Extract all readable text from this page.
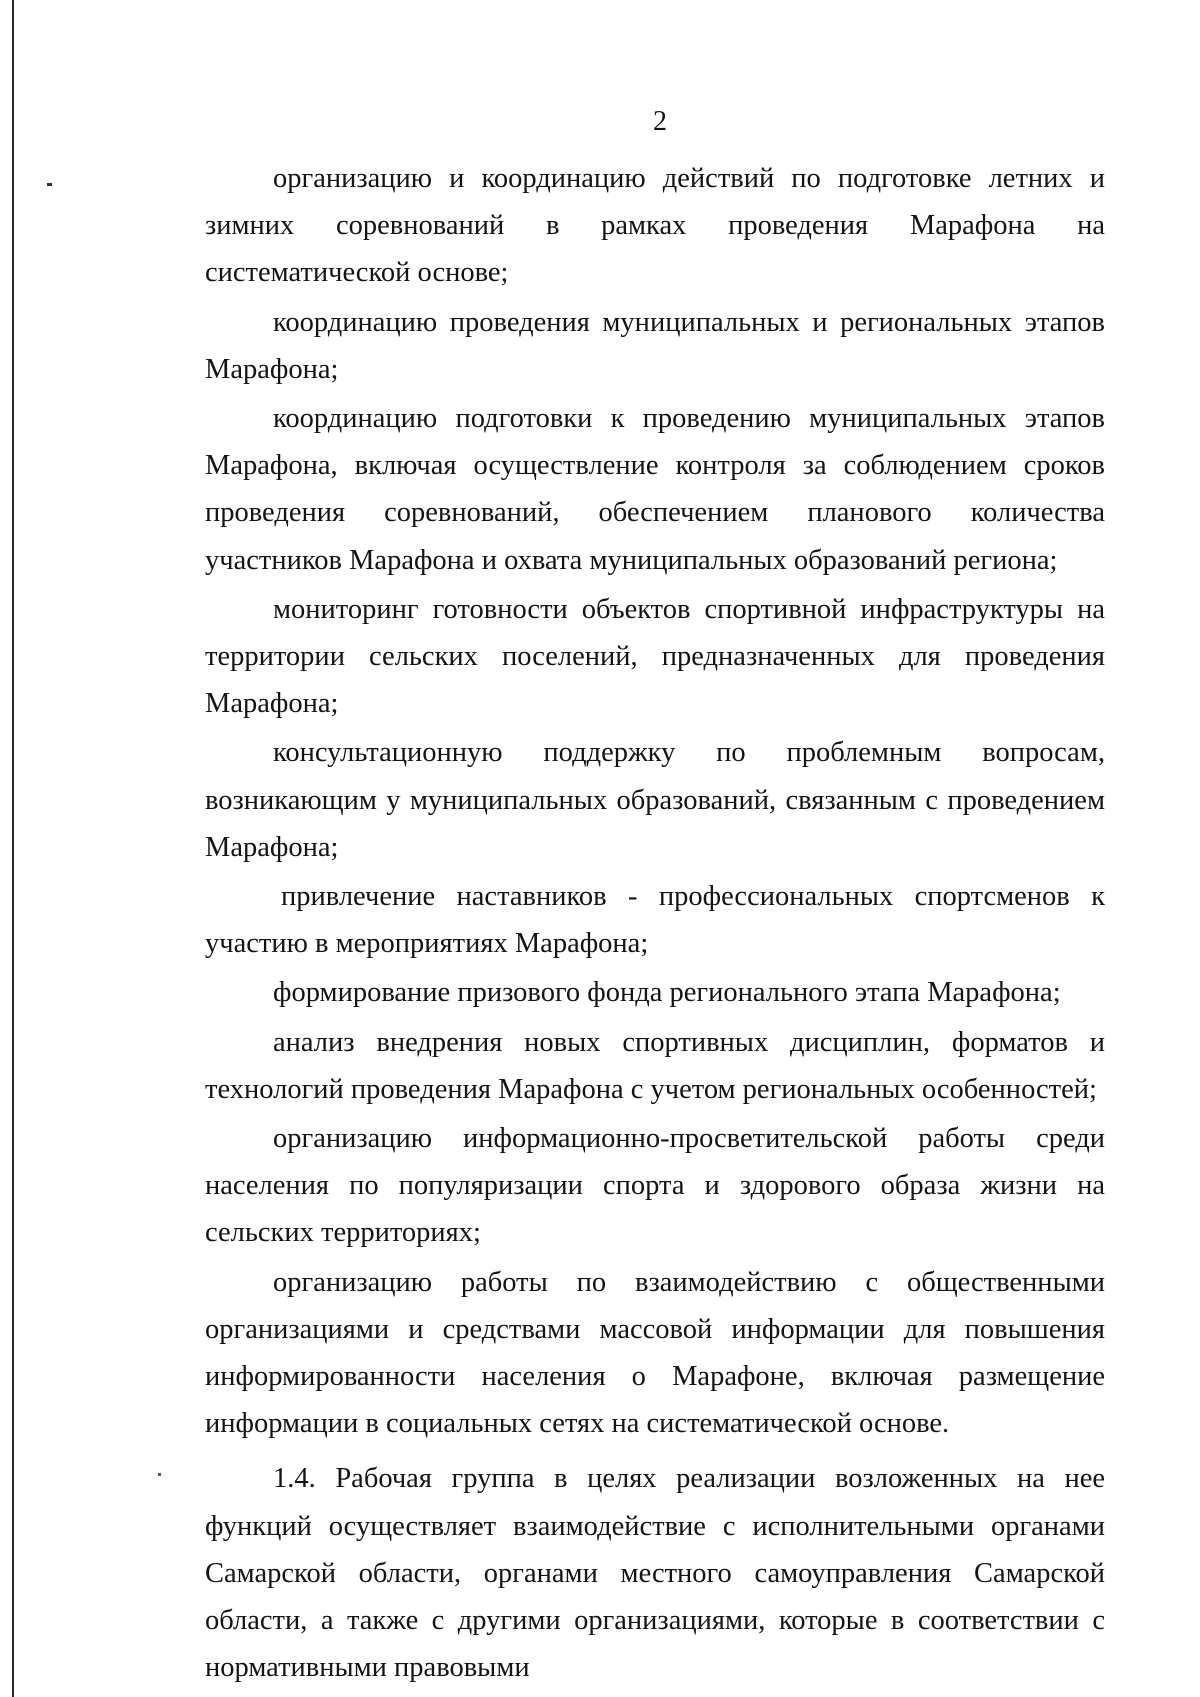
2

организацию и координацию действий по подготовке летних и зимних соревнований в рамках проведения Марафона на систематической основе;

координацию проведения муниципальных и региональных этапов Марафона;

координацию подготовки к проведению муниципальных этапов Марафона, включая осуществление контроля за соблюдением сроков проведения соревнований, обеспечением планового количества участников Марафона и охвата муниципальных образований региона;

мониторинг готовности объектов спортивной инфраструктуры на территории сельских поселений, предназначенных для проведения Марафона;

консультационную поддержку по проблемным вопросам, возникающим у муниципальных образований, связанным с проведением Марафона;

привлечение наставников - профессиональных спортсменов к участию в мероприятиях Марафона;

формирование призового фонда регионального этапа Марафона;

анализ внедрения новых спортивных дисциплин, форматов и технологий проведения Марафона с учетом региональных особенностей;

организацию информационно-просветительской работы среди населения по популяризации спорта и здорового образа жизни на сельских территориях;

организацию работы по взаимодействию с общественными организациями и средствами массовой информации для повышения информированности населения о Марафоне, включая размещение информации в социальных сетях на систематической основе.

1.4. Рабочая группа в целях реализации возложенных на нее функций осуществляет взаимодействие с исполнительными органами Самарской области, органами местного самоуправления Самарской области, а также с другими организациями, которые в соответствии с нормативными правовыми
